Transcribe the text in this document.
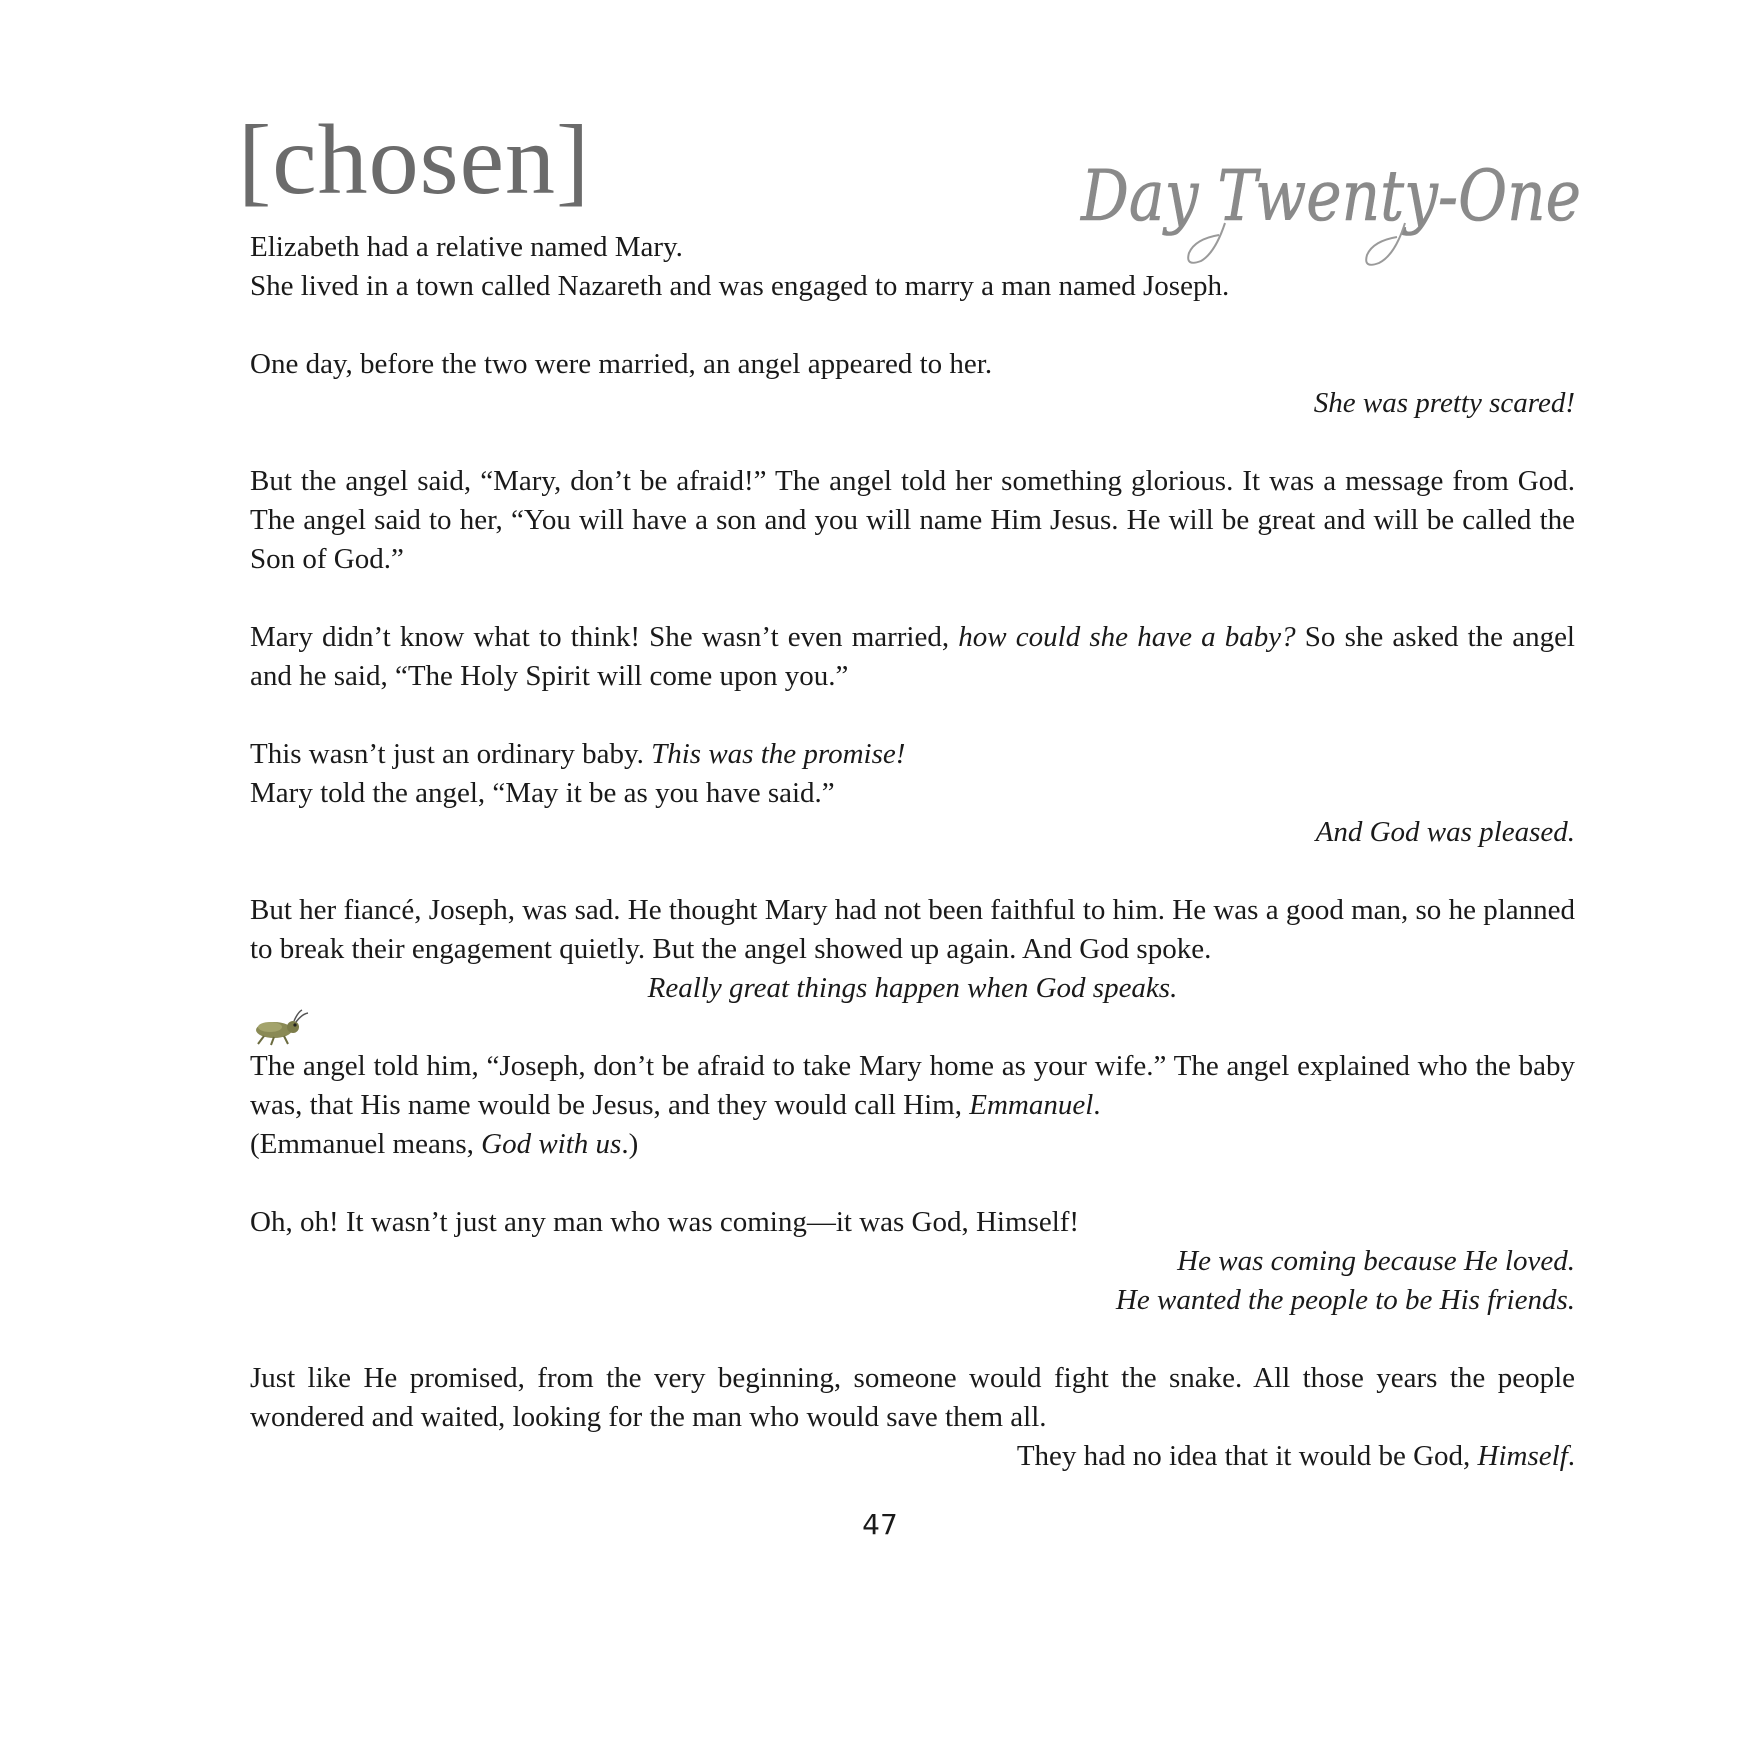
[chosen]	Day Twenty-One

Elizabeth had a relative named Mary.

She lived in a town called Nazareth and was engaged to marry a man named Joseph.

One day, before the two were married, an angel appeared to her.

She was pretty scared!

But the angel said, “Mary, don’t be afraid!” The angel told her something glorious. It was a message from God. The angel said to her, “You will have a son and you will name Him Jesus. He will be great and will be called the Son of God.”

Mary didn’t know what to think! She wasn’t even married, how could she have a baby? So she asked the angel and he said, “The Holy Spirit will come upon you.”

This wasn’t just an ordinary baby. This was the promise!

Mary told the angel, “May it be as you have said.”

And God was pleased.

But her fiancé, Joseph, was sad. He thought Mary had not been faithful to him. He was a good man, so he planned to break their engagement quietly. But the angel showed up again. And God spoke.

Really great things happen when God speaks.

The angel told him, “Joseph, don’t be afraid to take Mary home as your wife.” The angel explained who the baby was, that His name would be Jesus, and they would call Him, Emmanuel.

(Emmanuel means, God with us.)

Oh, oh! It wasn’t just any man who was coming—it was God, Himself!

He was coming because He loved.

He wanted the people to be His friends.

Just like He promised, from the very beginning, someone would fight the snake. All those years the people wondered and waited, looking for the man who would save them all.

They had no idea that it would be God, Himself.

47
